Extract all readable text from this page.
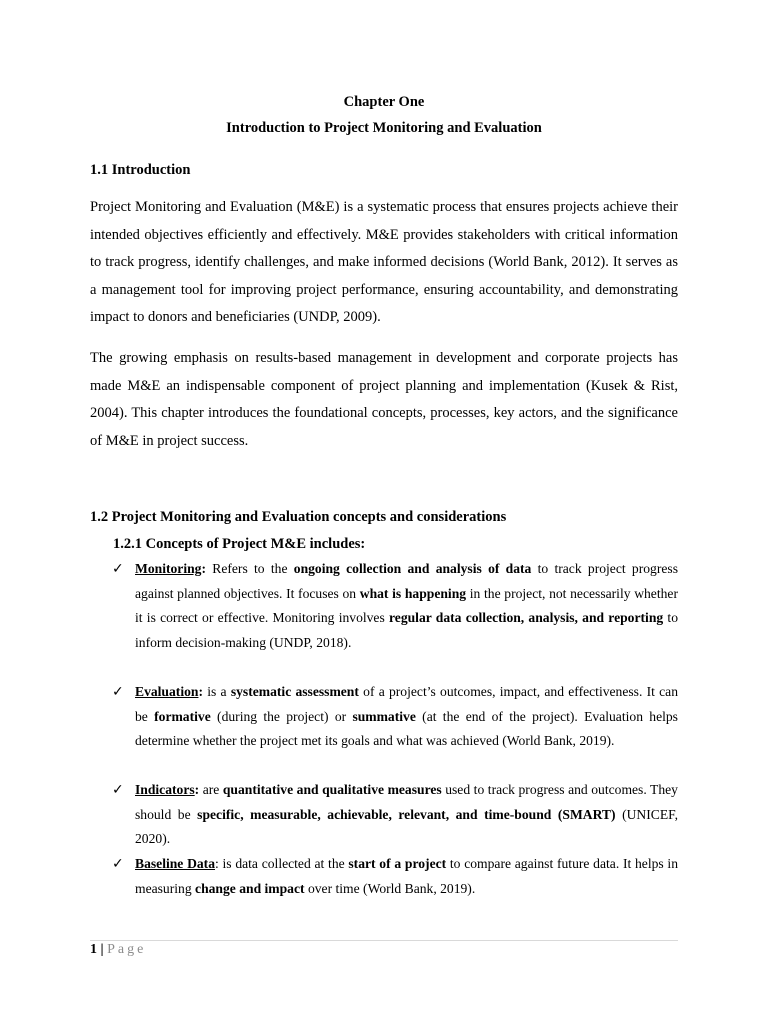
Chapter One
Introduction to Project Monitoring and Evaluation
1.1 Introduction

Project Monitoring and Evaluation (M&E) is a systematic process that ensures projects achieve their intended objectives efficiently and effectively. M&E provides stakeholders with critical information to track progress, identify challenges, and make informed decisions (World Bank, 2012). It serves as a management tool for improving project performance, ensuring accountability, and demonstrating impact to donors and beneficiaries (UNDP, 2009).

The growing emphasis on results-based management in development and corporate projects has made M&E an indispensable component of project planning and implementation (Kusek & Rist, 2004). This chapter introduces the foundational concepts, processes, key actors, and the significance of M&E in project success.

1.2 Project Monitoring and Evaluation concepts and considerations
1.2.1 Concepts of Project M&E includes:
✓ Monitoring: Refers to the ongoing collection and analysis of data to track project progress against planned objectives. It focuses on what is happening in the project, not necessarily whether it is correct or effective. Monitoring involves regular data collection, analysis, and reporting to inform decision-making (UNDP, 2018).

✓ Evaluation: is a systematic assessment of a project’s outcomes, impact, and effectiveness. It can be formative (during the project) or summative (at the end of the project). Evaluation helps determine whether the project met its goals and what was achieved (World Bank, 2019).

✓ Indicators: are quantitative and qualitative measures used to track progress and outcomes. They should be specific, measurable, achievable, relevant, and time-bound (SMART) (UNICEF, 2020).

✓ Baseline Data: is data collected at the start of a project to compare against future data. It helps in measuring change and impact over time (World Bank, 2019).

1 | Page
